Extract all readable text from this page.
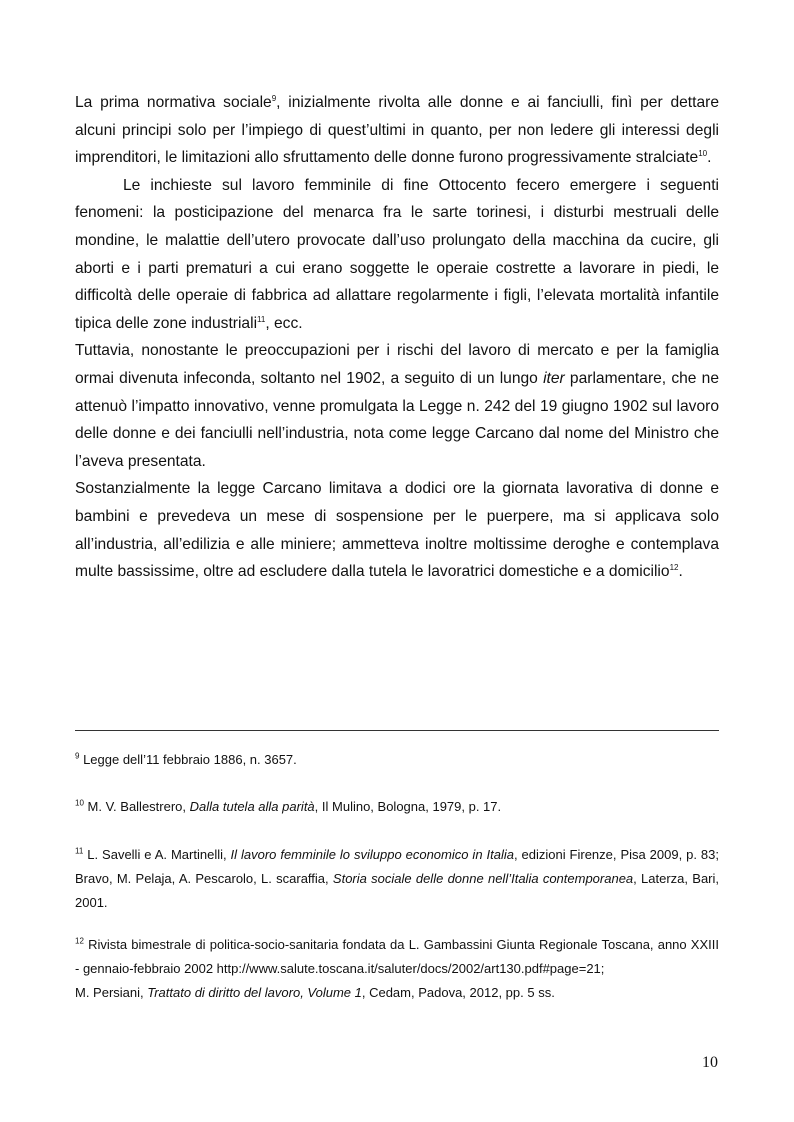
La prima normativa sociale$^9$, inizialmente rivolta alle donne e ai fanciulli, finì per dettare alcuni principi solo per l’impiego di quest’ultimi in quanto, per non ledere gli interessi degli imprenditori, le limitazioni allo sfruttamento delle donne furono progressivamente stralciate$^{10}$.

Le inchieste sul lavoro femminile di fine Ottocento fecero emergere i seguenti fenomeni: la posticipazione del menarca fra le sarte torinesi, i disturbi mestruali delle mondine, le malattie dell’utero provocate dall’uso prolungato della macchina da cucire, gli aborti e i parti prematuri a cui erano soggette le operaie costrette a lavorare in piedi, le difficoltà delle operaie di fabbrica ad allattare regolarmente i figli, l’elevata mortalità infantile tipica delle zone industriali$^{11}$, ecc.

Tuttavia, nonostante le preoccupazioni per i rischi del lavoro di mercato e per la famiglia ormai divenuta infeconda, soltanto nel 1902, a seguito di un lungo iter parlamentare, che ne attenuò l’impatto innovativo, venne promulgata la Legge n. 242 del 19 giugno 1902 sul lavoro delle donne e dei fanciulli nell’industria, nota come legge Carcano dal nome del Ministro che l’aveva presentata.

Sostanzialmente la legge Carcano limitava a dodici ore la giornata lavorativa di donne e bambini e prevedeva un mese di sospensione per le puerpere, ma si applicava solo all’industria, all’edilizia e alle miniere; ammetteva inoltre moltissime deroghe e contemplava multe bassissime, oltre ad escludere dalla tutela le lavoratrici domestiche e a domicilio$^{12}$.

$^9$ Legge dell’11 febbraio 1886, n. 3657.

$^{10}$ M. V. Ballestrero, Dalla tutela alla parità, Il Mulino, Bologna, 1979, p. 17.

$^{11}$ L. Savelli e A. Martinelli, Il lavoro femminile lo sviluppo economico in Italia, edizioni Firenze, Pisa 2009, p. 83; Bravo, M. Pelaja, A. Pescarolo, L. scaraffia, Storia sociale delle donne nell’Italia contemporanea, Laterza, Bari, 2001.

$^{12}$ Rivista bimestrale di politica-socio-sanitaria fondata da L. Gambassini Giunta Regionale Toscana, anno XXIII - gennaio-febbraio 2002 http://www.salute.toscana.it/saluter/docs/2002/art130.pdf#page=21;
M. Persiani, Trattato di diritto del lavoro, Volume 1, Cedam, Padova, 2012, pp. 5 ss.
10
